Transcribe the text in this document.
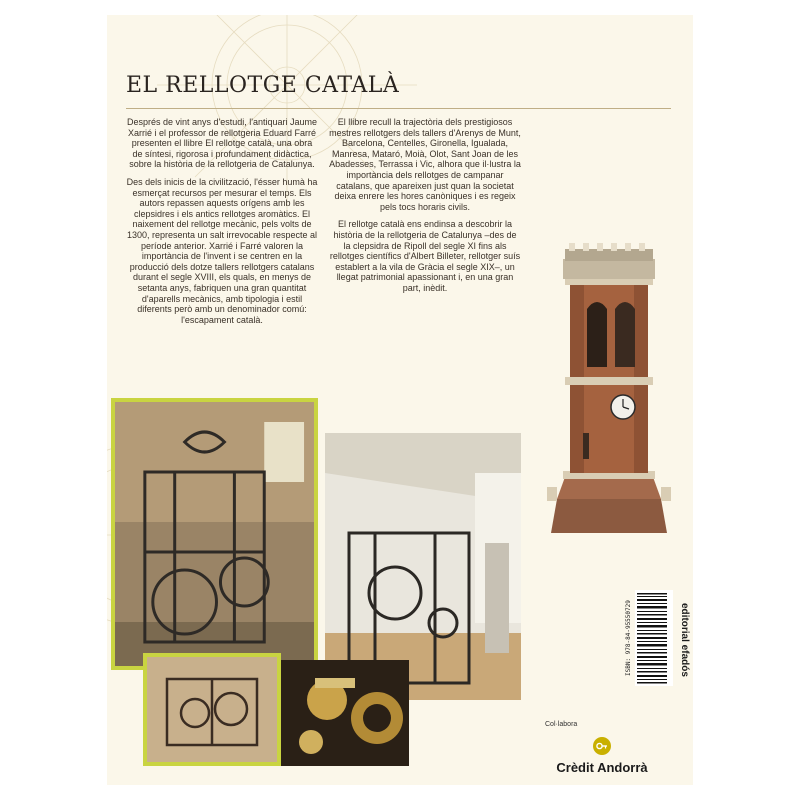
EL RELLOTGE CATALÀ

Després de vint anys d'estudi, l'antiquari Jaume Xarrié i el professor de rellotgeria Eduard Farré presenten el llibre El rellotge català, una obra de síntesi, rigorosa i profundament didàctica, sobre la història de la rellotgeria de Catalunya.

Des dels inicis de la civilització, l'ésser humà ha esmerçat recursos per mesurar el temps. Els autors repassen aquests orígens amb les clepsidres i els antics rellotges aromàtics. El naixement del rellotge mecànic, pels volts de 1300, representa un salt irrevocable respecte al període anterior. Xarrié i Farré valoren la importància de l'invent i se centren en la producció dels dotze tallers rellotgers catalans durant el segle XVIII, els quals, en menys de setanta anys, fabriquen una gran quantitat d'aparells mecànics, amb tipologia i estil diferents però amb un denominador comú: l'escapament català.

El llibre recull la trajectòria dels prestigiosos mestres rellotgers dels tallers d'Arenys de Munt, Barcelona, Centelles, Gironella, Igualada, Manresa, Mataró, Moià, Olot, Sant Joan de les Abadesses, Terrassa i Vic, alhora que il·lustra la importància dels rellotges de campanar catalans, que apareixen just quan la societat deixa enrere les hores canòniques i es regeix pels tocs horaris civils.

El rellotge català ens endinsa a descobrir la història de la rellotgeria de Catalunya –des de la clepsidra de Ripoll del segle XI fins als rellotges científics d'Albert Billeter, rellotger suís establert a la vila de Gràcia el segle XIX–, un llegat patrimonial apassionant i, en una gran part, inèdit.

ISBN: 978-84-95550729	editorial efadós
Col·labora
Crèdit Andorrà
